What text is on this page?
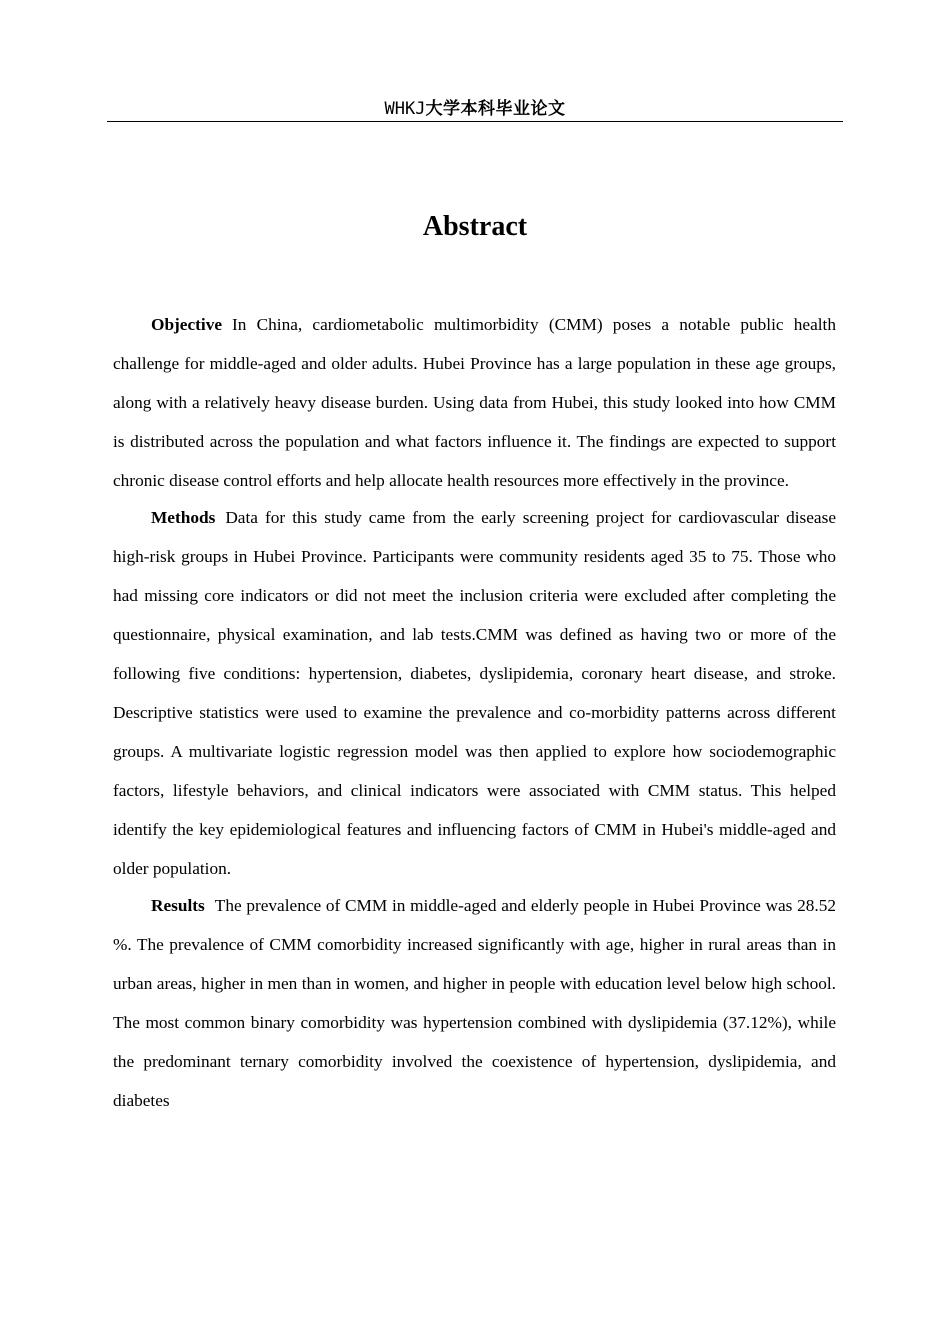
WHKJ大学本科毕业论文
Abstract

Objective In China, cardiometabolic multimorbidity (CMM) poses a notable public health challenge for middle-aged and older adults. Hubei Province has a large population in these age groups, along with a relatively heavy disease burden. Using data from Hubei, this study looked into how CMM is distributed across the population and what factors influence it. The findings are expected to support chronic disease control efforts and help allocate health resources more effectively in the province.

Methods Data for this study came from the early screening project for cardiovascular disease high-risk groups in Hubei Province. Participants were community residents aged 35 to 75. Those who had missing core indicators or did not meet the inclusion criteria were excluded after completing the questionnaire, physical examination, and lab tests.CMM was defined as having two or more of the following five conditions: hypertension, diabetes, dyslipidemia, coronary heart disease, and stroke. Descriptive statistics were used to examine the prevalence and co-morbidity patterns across different groups. A multivariate logistic regression model was then applied to explore how sociodemographic factors, lifestyle behaviors, and clinical indicators were associated with CMM status. This helped identify the key epidemiological features and influencing factors of CMM in Hubei's middle-aged and older population.

Results The prevalence of CMM in middle-aged and elderly people in Hubei Province was 28.52 %. The prevalence of CMM comorbidity increased significantly with age, higher in rural areas than in urban areas, higher in men than in women, and higher in people with education level below high school. The most common binary comorbidity was hypertension combined with dyslipidemia (37.12%), while the predominant ternary comorbidity involved the coexistence of hypertension, dyslipidemia, and diabetes
